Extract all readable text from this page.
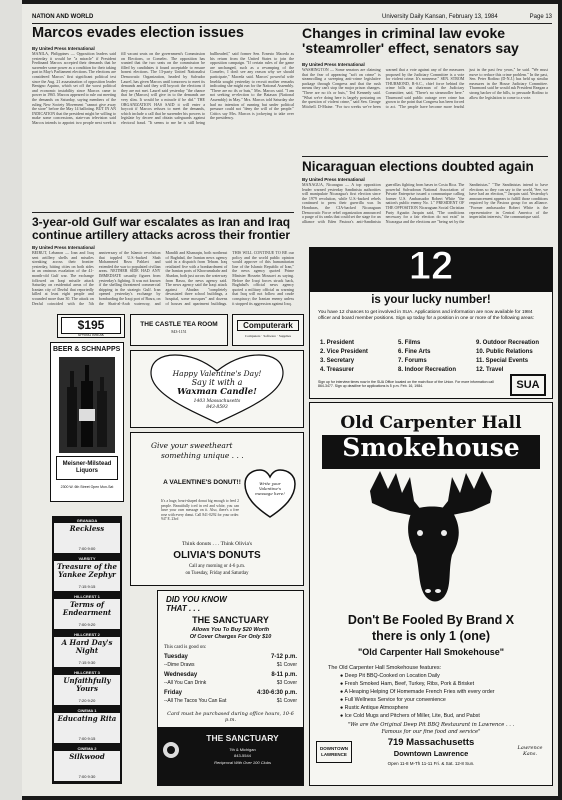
NATION AND WORLD	University Daily Kansan, February 13, 1984	Page 13
Marcos evades election issues
By United Press International
MANILA, Philippines — Opposition leaders said yesterday it would be "a miracle" if President Ferdinand Marcos accepted their demands that he surrender some power as a condition for their taking part in May's Parliament elections. The elections are considered Marcos' first significant political test since the Aug. 21 assassination of opposition leader Benigno Aquino, which set off the worst political and economic instability since Marcos came to power in 1965. Marcos appeared to rule out meeting the demands on Saturday, saying members of the ruling New Society Movement "cannot give away the store" before the May 14 balloting. BUT IN AN INDICATION that the president might be willing to make some concessions, state-run television said Marcos intends to appoint two people next week to fill vacant seats on the government's Commission on Elections, or Comelec. The opposition has wanted that the two seats on the commission be filled by candidates it found acceptable to ensure honest elections. The 13-party United Nationalist Democratic Organization, headed by Salvador Laurel, has given Marcos until tomorrow to meet its demands and said they will boycott the elections if they are not met. Laurel said yesterday "the chance that he (Marcos) will give in to the demands are very slim. It would be a miracle if he did." THE ORGANIZATION HAS SAID it will enter a boycott if Marcos refuses to meet the demands, which include a call that he surrender his powers to legislate by decree and obtain safeguards against electoral fraud. "It seems to me he is still being bullheaded," said former Sen. Ernesto Maceda as his return from the United States to join the opposition campaign. "If certain rules of the game are unchanged, such as a revamping of the Comelec, I don't see any reason why we should participate," Maceda said. Marcos' powerful wife Imelda sought yesterday to recruit mother remarks indicating she might run for the National Assembly. "There are no ifs or buts," Mrs. Marcos said. "I am not seeking re-election to the Batasan (National Assembly) in May." Mrs. Marcos told Saturday she had no intention of running but under political pressure could not "deny the will of the people." Critics say Mrs. Marcos is jockeying to take over the presidency.
3-year-old Gulf war escalates as Iran and Iraq continue artillery attacks across their frontier
By United Press International
BEIRUT, Lebanon — Iran and Iraq sent artillery shells and missiles streaking across their frontier yesterday, hitting cities on both sides in an ominous escalation of the 41-month-old Gulf war. The exchange followed an Iraqi missile attack Saturday on residential areas of the Iranian city of Dezful that reportedly killed at least eight people and wounded more than 30. The attack on Dezful coincided with the 5th anniversary of the Islamic revolution that toppled U.S.-backed Shah Mohammed Reza Pahlavi and extended the war to populated civilian areas. NEITHER SIDE HAD ANY IMMEDIATE casualty figures from yesterday's fighting. It was not known if the shelling threatened commercial shipping in the strategic Gulf. Iran opened yesterday's exchange by bombarding the Iraqi port of Basra, on the Shatt-al-Arab waterway, and Mandili and Khanaqin, both northeast of Baghdad, the Iranian news agency said in a dispatch from Tehran. Iraq retaliated five with a bombardment of the Iranian ports of Khorramshahr and Abadan, both just across the waterway from Basra, the news agency said. The news agency said the Iraqi attack against Abadan "completely devastated three school buildings, a hospital, some mosques" and dozens of houses and apartment buildings. THIS WILL CONTINUE TO BE our policy and the world public opinion would approve of this humanitarian line of the Islamic Republic of Iran," the news agency quoted Prime Minister Hossein Mousavi as saying. Before the Iraqi forces struck back, Baghdad's official news agency quoted a military official as warning that Iraq will not follow and crude conspiracy; the Iranian enemy unless it stopped its aggression against Iraq.
Changes in criminal law evoke 'steamroller' effect, senators say
By United Press International
WASHINGTON — Some senators are claiming that the fear of appearing "soft on crime" is steamrolling a sweeping anti-crime legislative package through Congress and that the rush means they can't stop the major prison changes. "There are no ifs or buts," Ted Kennedy said. "What we're doing here is largely posturing on the question of violent crime," said Sen. George Mitchell. D-Maine. "For two weeks we've been warned that a vote against any of the measures proposed by the Judiciary Committee is a vote for violent crime. It's nonsense." SEN. STROM THURMOND, R-S.C., chief force behind the crime bills as chairman of the Judiciary Committee, said, "There's no steamroller here." Thurmond said public outrage over crime has grown to the point that Congress has been forced to act. "The people have become more fearful just in the past few years," he said. "We must move to reduce this crime problem." In the past, Sen. Peter Rodino (D-N.J.) has held up similar measures in the House Judiciary Committee. Thurmond said he would ask President Reagan a strong backer of the bills, to persuade Rodino to allow the legislation to come to a vote.
Nicaraguan elections doubted again
By United Press International
MANAGUA, Nicaragua — A top opposition leader warned yesterday Sandinista authorities will manipulate Nicaragua's first election since the 1979 revolution, while U.S.-backed rebels continued to press their guerrilla war. In Honduras, the CIA-backed Nicaraguan Democratic Force rebel organization announced a purge of its ranks that could set the stage for an alliance with Eden Pastora's anti-Sandinista guerrillas fighting from bases in Costa Rica. The powerful Salvadoran National Association of Private Enterprise issued a communique calling former U.S. Ambassador Robert White "the nation's public enemy No. 1." PRESIDENT OF THE OPPOSITION Nicaraguan Social Christian Party Agustin Jarquin said, "The conditions necessary for a fair election do not exist" in Nicaragua and the elections are "being set by the Sandinistas." "The Sandinistas intend to have elections so they can say to the world, 'See, we have had an election,'" Jarquin said. Yesterday's announcement appears to fulfill those conditions required by the Pastora group for an alliance. "Former ambassador Robert White is the representative in Central America of the imperialist interests," the communique said.
$195
SPRING BREAK
BEER & SCHNAPPS
Meisner-Milstead Liquors
2300 W. 6th Street Open Mon-Sat
GRANADA
Reckless
7:00 9:00
VARSITY
Treasure of the Yankee Zephyr
7:15 9:15
HILLCREST 1
Terms of Endearment
7:00 9:20
HILLCREST 2
A Hard Day's Night
7:15 9:30
HILLCREST 3
Unfaithfully Yours
7:20 9:20
CINEMA 1
Educating Rita
7:00 9:15
CINEMA 2
Silkwood
7:00 9:30
THE CASTLE TEA ROOM
843-1151
Computerark
Computers · Software · Supplies
Happy Valentine's Day!
Say it with a
Waxman Candle!
1403 Massachusetts
843-8593
Give your sweetheart
something unique . . .
Write your Valentine's message here!
A VALENTINE'S DONUT!!
It's a huge, heart-shaped donut big enough to feed 2 people. Beautifully iced in red and white, you can have your own message on it. Also, there's a free rose with every donut. Call 841-0292 for your order. 947 E. 23rd
Think donuts . . . Think Olivia's
OLIVIA'S DONUTS
Call any morning or 4-6 p.m.
on Tuesday, Friday and Saturday
DID YOU KNOW
THAT . . .
THE SANCTUARY
Allows You To Buy $20 Worth
Of Cover Charges For Only $10
This card is good on:
Tuesday	7-12 p.m.
--Dime Draws	$1 Cover
Wednesday	8-11 p.m.
--All You Can Drink	$3 Cover
Friday	4:30-6:30 p.m.
--All The Tacos You Can Eat	$1 Cover
Card must be purchased during office hours, 10-6 p.m.
THE SANCTUARY
7th & Michigan
843-5544
Reciprocal With Over 100 Clubs
12
is your lucky number!
You have 12 chances to get involved in SUA. Applications and information are now available for 1984 officer and board member positions. Sign up today for a position in one or more of the following areas:
1. President
2. Vice President
3. Secretary
4. Treasurer
5. Films
6. Fine Arts
7. Forums
8. Indoor Recreation
9. Outdoor Recreation
10. Public Relations
11. Special Events
12. Travel
Sign up for interview times now in the SUA Office located on the main floor of the Union. For more information call 864-3477. Sign up deadline for applications is 5 p.m. Feb. 16, 1984.	SUA
Old Carpenter Hall
Smokehouse
Don't Be Fooled By Brand X
there is only 1 (one)
"Old Carpenter Hall Smokehouse"
The Old Carpenter Hall Smokehouse features:
● Deep Pit BBQ-Cooked on Location Daily
● Fresh Smoked Ham, Beef, Turkey, Ribs, Pork & Brisket
● A Heaping Helping Of Homemade French Fries with every order
● Full Wellness Service for your convenience
● Rustic Antique Atmosphere
● Ice Cold Mugs and Pitchers of Miller, Lite, Bud, and Pabst
"We are the Original Deep Pit BBQ Restaurant in Lawrence . . .
Famous for our fine food and service"
719 Massachusetts
Downtown Lawrence
Open 11-8 M-Th 11-11 Fri. & Sat. 12-8 Sun.
DOWNTOWN LAWRENCE
Lawrence Kans.
